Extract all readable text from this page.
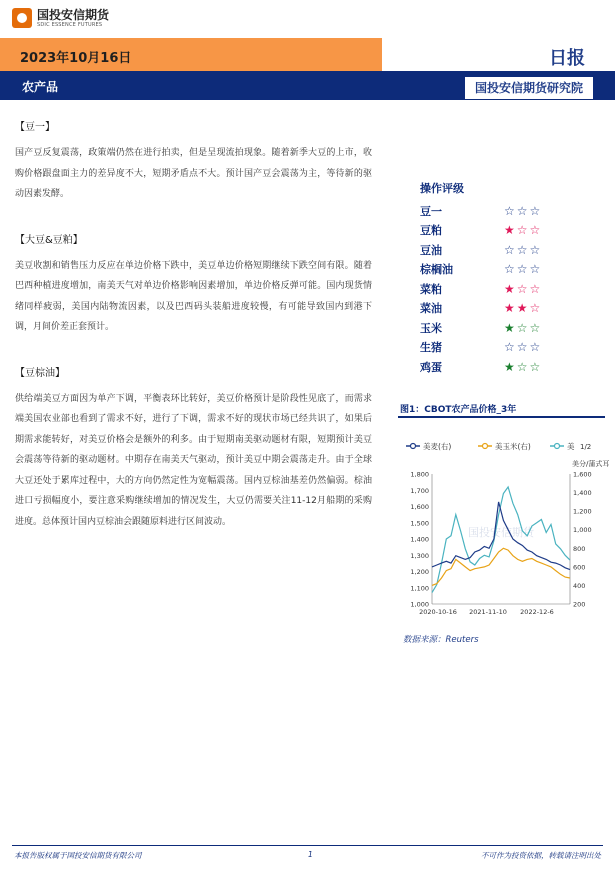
国投安信期货
SDIC ESSENCE FUTURES
2023年10月16日	日报
农产品	国投安信期货研究院
【豆一】
国产豆反复震荡，政策端仍然在进行拍卖，但是呈现流拍现象。随着新季大豆的上市，收购价格跟盘面主力的差异度不大，短期矛盾点不大。预计国产豆会震荡为主，等待新的驱动因素发酵。
【大豆&豆粕】
美豆收割和销售压力反应在单边价格下跌中，美豆单边价格短期继续下跌空间有限。随着巴西种植进度增加，南美天气对单边价格影响因素增加，单边价格反弹可能。国内现货情绪同样疲弱，美国内陆物流因素，以及巴西码头装船进度较慢，有可能导致国内到港下调，月间价差正套预计。
【豆棕油】
供给端美豆方面因为单产下调，平衡表环比转好，美豆价格预计是阶段性见底了，而需求端美国农业部也看到了需求不好，进行了下调，需求不好的现状市场已经共识了，如果后期需求能转好，对美豆价格会是额外的利多。由于短期南美驱动题材有限，短期预计美豆会震荡等待新的驱动题材。中期存在南美天气驱动，预计美豆中期会震荡走升。由于全球大豆还处于累库过程中，大的方向仍然定性为宽幅震荡。国内豆棕油基差仍然偏弱。棕油进口亏损幅度小，要注意采购继续增加的情况发生，大豆仍需要关注11-12月船期的采购进度。总体预计国内豆棕油会跟随原料进行区间波动。
操作评级
豆一	☆ ☆ ☆
豆粕	★ ☆ ☆
豆油	☆ ☆ ☆
棕榈油	☆ ☆ ☆
菜粕	★ ☆ ☆
菜油	★ ★ ☆
玉米	★ ☆ ☆
生猪	☆ ☆ ☆
鸡蛋	★ ☆ ☆
图1：CBOT农产品价格_3年
美麦(右)	美玉米(右)	美 1/2
美分/蒲式耳
1,000
1,100
1,200
1,300
1,400
1,500
1,600
1,700
1,800
200
400
600
800
1,000
1,200
1,400
1,600
2020-10-16 2021-11-10 2022-12-6
国投安信期货
数据来源：Reuters
本报告版权属于国投安信期货有限公司	1	不可作为投资依据，转载请注明出处
